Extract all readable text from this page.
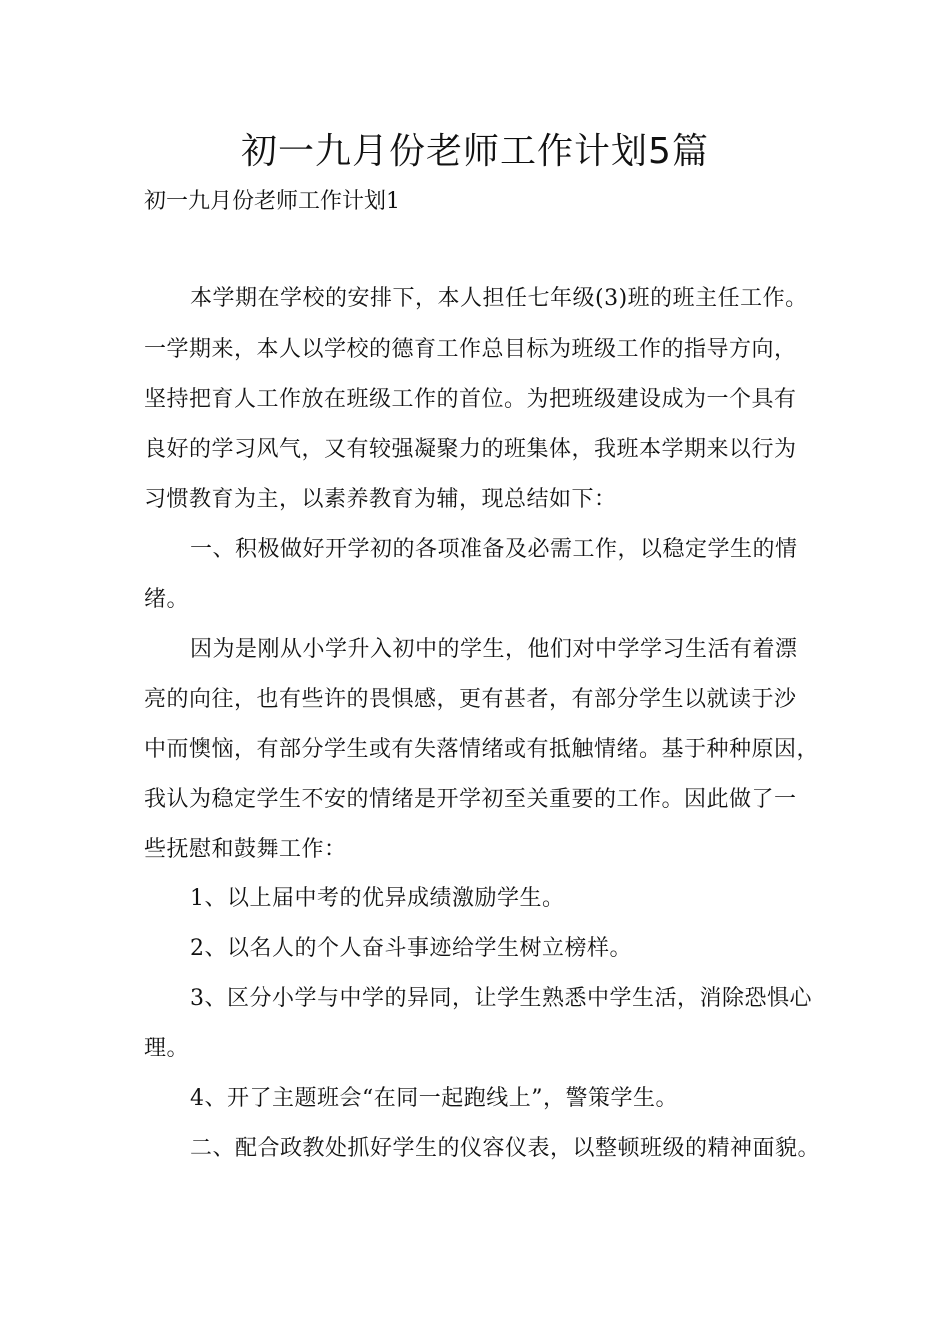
初一九月份老师工作计划5篇
初一九月份老师工作计划1
本学期在学校的安排下，本人担任七年级(3)班的班主任工作。
一学期来，本人以学校的德育工作总目标为班级工作的指导方向，
坚持把育人工作放在班级工作的首位。为把班级建设成为一个具有
良好的学习风气，又有较强凝聚力的班集体，我班本学期来以行为
习惯教育为主，以素养教育为辅，现总结如下：
一、积极做好开学初的各项准备及必需工作，以稳定学生的情
绪。
因为是刚从小学升入初中的学生，他们对中学学习生活有着漂
亮的向往，也有些许的畏惧感，更有甚者，有部分学生以就读于沙
中而懊恼，有部分学生或有失落情绪或有抵触情绪。基于种种原因，
我认为稳定学生不安的情绪是开学初至关重要的工作。因此做了一
些抚慰和鼓舞工作：
1、以上届中考的优异成绩激励学生。
2、以名人的个人奋斗事迹给学生树立榜样。
3、区分小学与中学的异同，让学生熟悉中学生活，消除恐惧心
理。
4、开了主题班会“在同一起跑线上”，警策学生。
二、配合政教处抓好学生的仪容仪表，以整顿班级的精神面貌。
